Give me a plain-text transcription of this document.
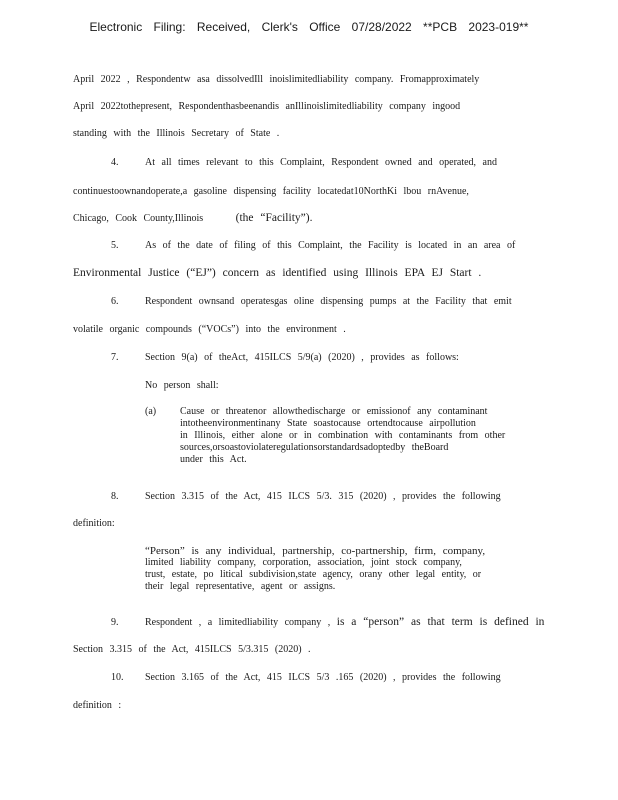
Electronic Filing: Received, Clerk's Office 07/28/2022 **PCB 2023-019**
April 2022 , Respondentw asa dissolvedIll inoislimitedliability company. Fromapproximately
April 2022tothepresent, Respondenthasbeenandis anIllinoislimitedliability company ingood
standing with the Illinois Secretary of State .
4.	At all times relevant to this Complaint, Respondent owned and operated, and
continuestoownandoperate,a gasoline dispensing facility locatedat10NorthKi lbou rnAvenue,
Chicago, Cook County,Illinois	(the “Facility”).
5.	As of the date of filing of this Complaint, the Facility is located in an area of
Environmental Justice (“EJ”) concern as identified using Illinois EPA EJ Start .
6.	Respondent ownsand operatesgas oline dispensing pumps at the Facility that emit
volatile organic compounds (“VOCs”) into the environment .
7.	Section 9(a) of theAct, 415ILCS 5/9(a) (2020) , provides as follows:
No person shall:
(a) Cause or threatenor allowthedischarge or emissionof any contaminant
intotheenvironmentinany State soastocause ortendtocause airpollution
in Illinois, either alone or in combination with contaminants from other
sources,orsoastoviolateregulationsorstandardsadoptedby theBoard
under this Act.
8.	Section 3.315 of the Act, 415 ILCS 5/3. 315 (2020) , provides the following
definition:
“Person” is any individual, partnership, co-partnership, firm, company,
limited liability company, corporation, association, joint stock company,
trust, estate, po litical subdivision,state agency, orany other legal entity, or
their legal representative, agent or assigns.
9.	Respondent , a limitedliability company , is a “person” as that term is defined in
Section 3.315 of the Act, 415ILCS 5/3.315 (2020) .
10. Section 3.165 of the Act, 415 ILCS 5/3 .165 (2020) , provides the following
definition :
